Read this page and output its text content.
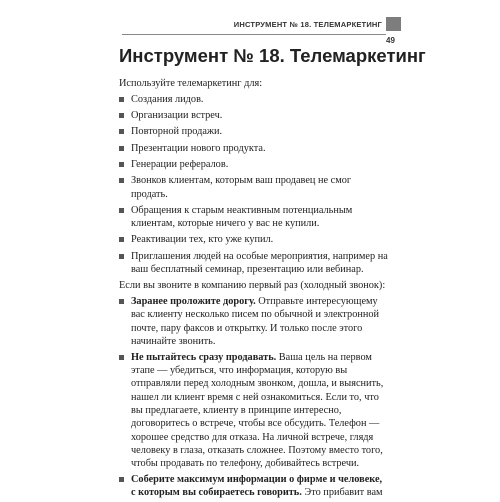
ИНСТРУМЕНТ № 18. ТЕЛЕМАРКЕТИНГ
49
Инструмент № 18. Телемаркетинг

Используйте телемаркетинг для:

Создания лидов.
Организации встреч.
Повторной продажи.
Презентации нового продукта.
Генерации рефералов.
Звонков клиентам, которым ваш продавец не смог продать.
Обращения к старым неактивным потенциальным клиентам, которые ничего у вас не купили.
Реактивации тех, кто уже купил.
Приглашения людей на особые мероприятия, например на ваш бесплатный семинар, презентацию или вебинар.

Если вы звоните в компанию первый раз (холодный звонок):

Заранее проложите дорогу. Отправьте интересующему вас клиенту несколько писем по обычной и электронной почте, пару факсов и открытку. И только после этого начинайте звонить.
Не пытайтесь сразу продавать. Ваша цель на первом этапе — убедиться, что информация, которую вы отправляли перед холодным звонком, дошла, и выяснить, нашел ли клиент время с ней ознакомиться. Если то, что вы предлагаете, клиенту в принципе интересно, договоритесь о встрече, чтобы все обсудить. Телефон — хорошее средство для отказа. На личной встрече, глядя человеку в глаза, отказать сложнее. Поэтому вместо того, чтобы продавать по телефону, добивайтесь встречи.
Соберите максимум информации о фирме и человеке, с которым вы собираетесь говорить. Это прибавит вам
